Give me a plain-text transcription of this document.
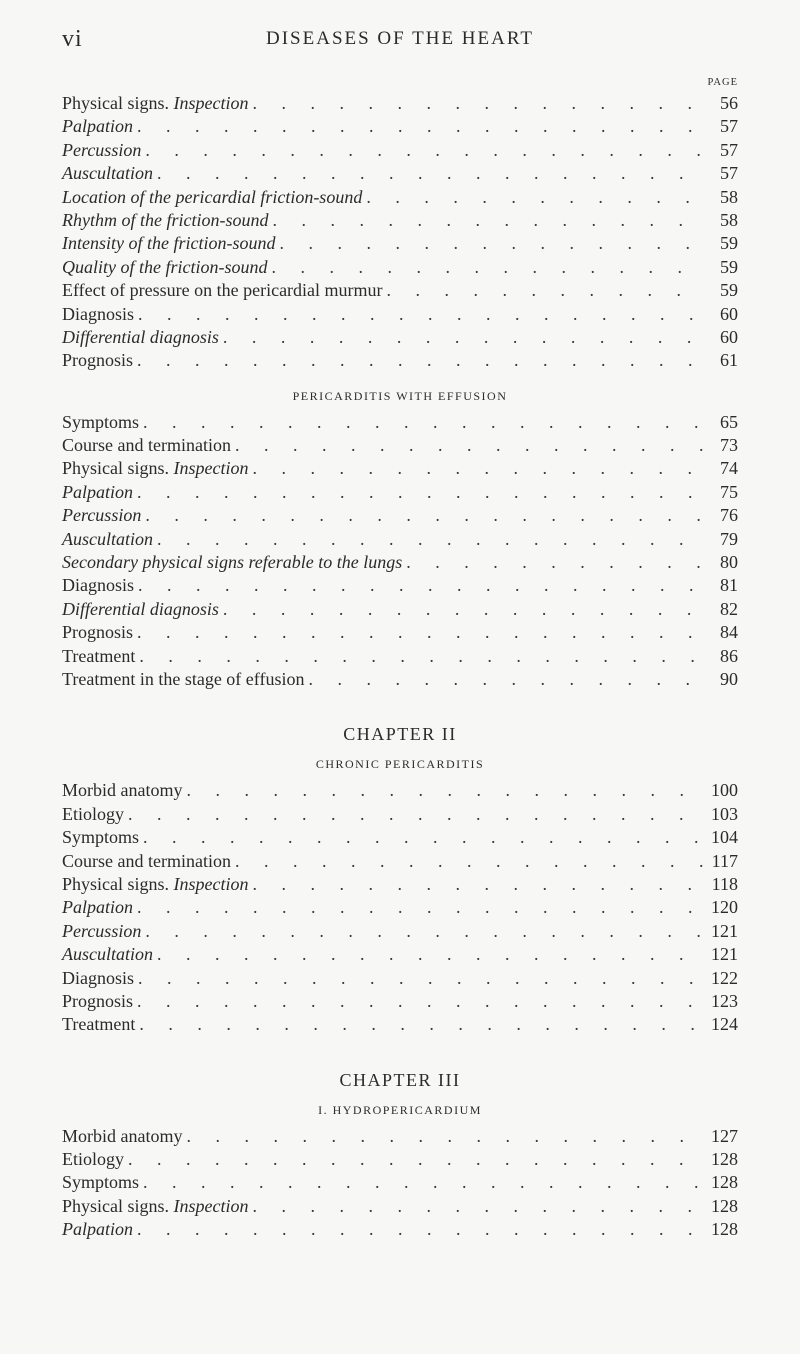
vi	DISEASES OF THE HEART
PAGE
Physical signs. Inspection . . .	56
Palpation . . .	57
Percussion . . .	57
Auscultation . . .	57
Location of the pericardial friction-sound . . .	58
Rhythm of the friction-sound . . .	58
Intensity of the friction-sound . . .	59
Quality of the friction-sound . . .	59
Effect of pressure on the pericardial murmur . . .	59
Diagnosis . . .	60
Differential diagnosis . . .	60
Prognosis . . .	61
PERICARDITIS WITH EFFUSION
Symptoms . . .	65
Course and termination . . .	73
Physical signs. Inspection . . .	74
Palpation . . .	75
Percussion . . .	76
Auscultation . . .	79
Secondary physical signs referable to the lungs . . .	80
Diagnosis . . .	81
Differential diagnosis . . .	82
Prognosis . . .	84
Treatment . . .	86
Treatment in the stage of effusion . . .	90
CHAPTER II
CHRONIC PERICARDITIS
Morbid anatomy . . .	100
Etiology . . .	103
Symptoms . . .	104
Course and termination . . .	117
Physical signs. Inspection . . .	118
Palpation . . .	120
Percussion . . .	121
Auscultation . . .	121
Diagnosis . . .	122
Prognosis . . .	123
Treatment . . .	124
CHAPTER III
I. HYDROPERICARDIUM
Morbid anatomy . . .	127
Etiology . . .	128
Symptoms . . .	128
Physical signs. Inspection . . .	128
Palpation . . .	128
